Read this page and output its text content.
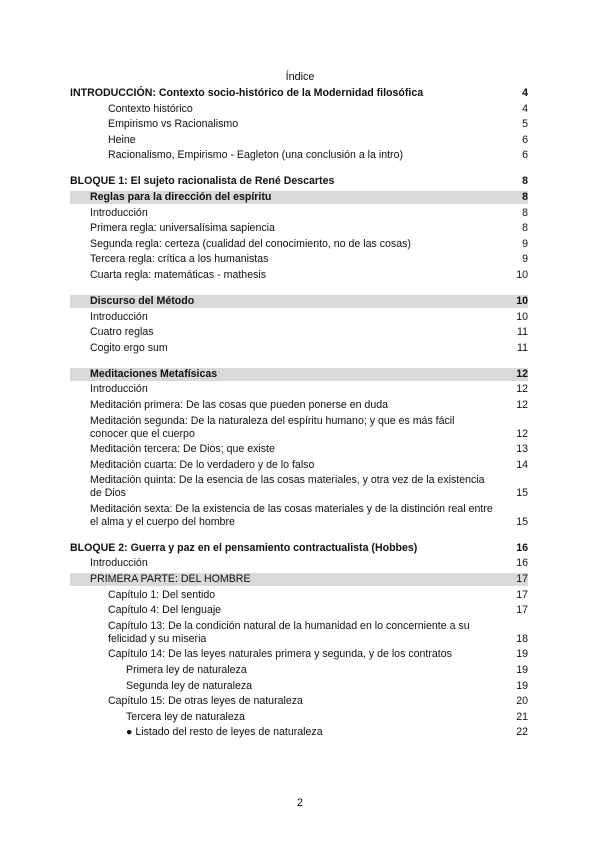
Índice
INTRODUCCIÓN: Contexto socio-histórico de la Modernidad filosófica	4
Contexto histórico	4
Empirismo vs Racionalismo	5
Heine	6
Racionalismo, Empirismo - Eagleton (una conclusión a la intro)	6
BLOQUE 1: El sujeto racionalista de René Descartes	8
Reglas para la dirección del espíritu	8
Introducción	8
Primera regla: universalísima sapiencia	8
Segunda regla: certeza (cualidad del conocimiento, no de las cosas)	9
Tercera regla: crítica a los humanistas	9
Cuarta regla: matemáticas - mathesis	10
Discurso del Método	10
Introducción	10
Cuatro reglas	11
Cogito ergo sum	11
Meditaciones Metafísicas	12
Introducción	12
Meditación primera: De las cosas que pueden ponerse en duda	12
Meditación segunda: De la naturaleza del espíritu humano; y que es más fácil conocer que el cuerpo	12
Meditación tercera: De Dios; que existe	13
Meditación cuarta: De lo verdadero y de lo falso	14
Meditación quinta: De la esencia de las cosas materiales, y otra vez de la existencia de Dios	15
Meditación sexta: De la existencia de las cosas materiales y de la distinción real entre el alma y el cuerpo del hombre	15
BLOQUE 2: Guerra y paz en el pensamiento contractualista (Hobbes)	16
Introducción	16
PRIMERA PARTE: DEL HOMBRE	17
Capítulo 1: Del sentido	17
Capítulo 4: Del lenguaje	17
Capítulo 13: De la condición natural de la humanidad en lo concerniente a su felicidad y su miseria	18
Capítulo 14: De las leyes naturales primera y segunda, y de los contratos	19
Primera ley de naturaleza	19
Segunda ley de naturaleza	19
Capítulo 15: De otras leyes de naturaleza	20
Tercera ley de naturaleza	21
● Listado del resto de leyes de naturaleza	22
2
